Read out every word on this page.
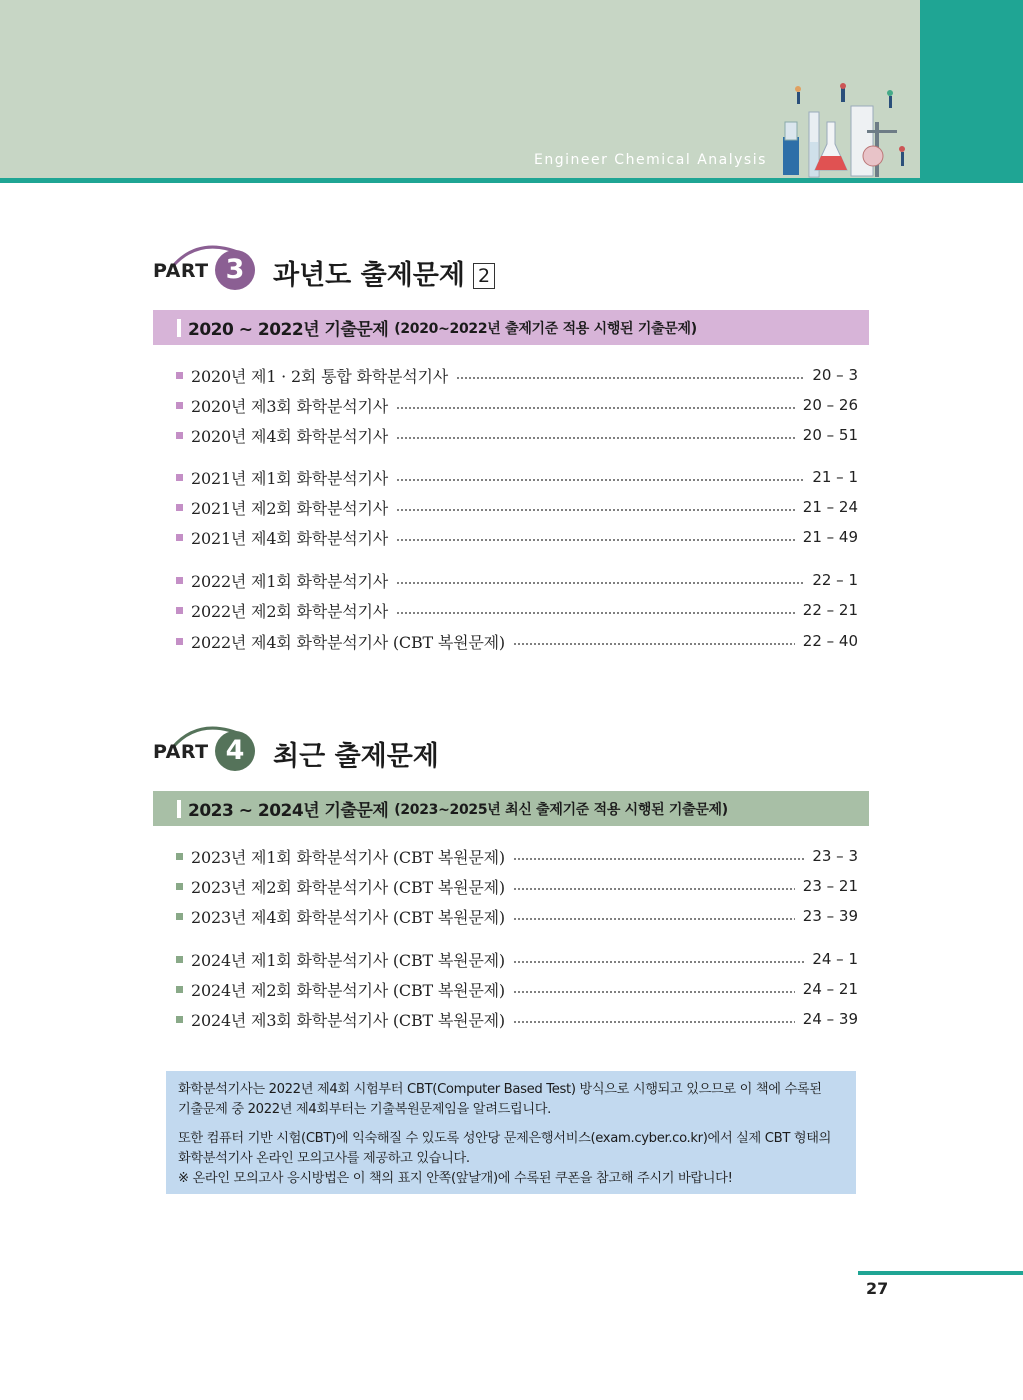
Engineer Chemical Analysis
PART 3	과년도 출제문제 2
2020 ~ 2022년 기출문제 (2020~2022년 출제기준 적용 시행된 기출문제)
2020년 제1 · 2회 통합 화학분석기사	20 – 3
2020년 제3회 화학분석기사	20 – 26
2020년 제4회 화학분석기사	20 – 51
2021년 제1회 화학분석기사	21 – 1
2021년 제2회 화학분석기사	21 – 24
2021년 제4회 화학분석기사	21 – 49
2022년 제1회 화학분석기사	22 – 1
2022년 제2회 화학분석기사	22 – 21
2022년 제4회 화학분석기사 (CBT 복원문제)	22 – 40
PART 4	최근 출제문제
2023 ~ 2024년 기출문제 (2023~2025년 최신 출제기준 적용 시행된 기출문제)
2023년 제1회 화학분석기사 (CBT 복원문제)	23 – 3
2023년 제2회 화학분석기사 (CBT 복원문제)	23 – 21
2023년 제4회 화학분석기사 (CBT 복원문제)	23 – 39
2024년 제1회 화학분석기사 (CBT 복원문제)	24 – 1
2024년 제2회 화학분석기사 (CBT 복원문제)	24 – 21
2024년 제3회 화학분석기사 (CBT 복원문제)	24 – 39

화학분석기사는 2022년 제4회 시험부터 CBT(Computer Based Test) 방식으로 시행되고 있으므로 이 책에 수록된

기출문제 중 2022년 제4회부터는 기출복원문제임을 알려드립니다.

또한 컴퓨터 기반 시험(CBT)에 익숙해질 수 있도록 성안당 문제은행서비스(exam.cyber.co.kr)에서 실제 CBT 형태의

화학분석기사 온라인 모의고사를 제공하고 있습니다.

※ 온라인 모의고사 응시방법은 이 책의 표지 안쪽(앞날개)에 수록된 쿠폰을 참고해 주시기 바랍니다!

27
